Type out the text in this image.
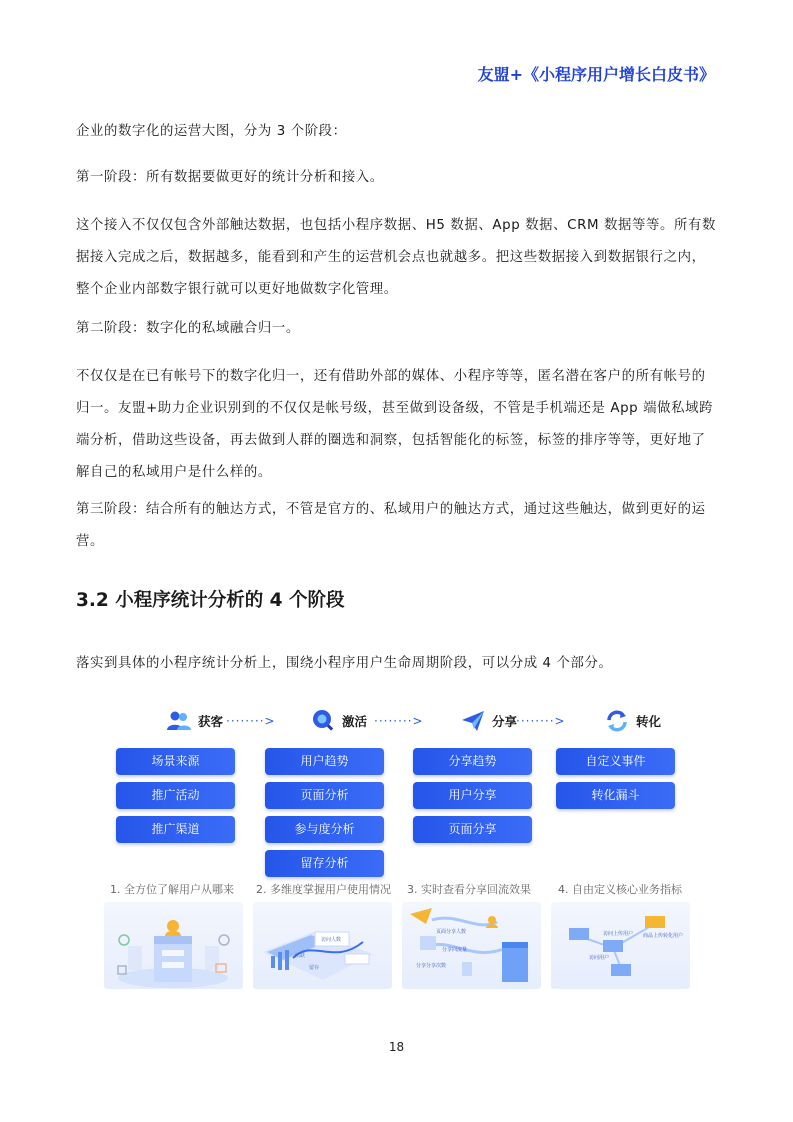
友盟+《小程序用户增长白皮书》

企业的数字化的运营大图，分为 3 个阶段：

第一阶段：所有数据要做更好的统计分析和接入。

这个接入不仅仅包含外部触达数据，也包括小程序数据、H5 数据、App 数据、CRM 数据等等。所有数据接入完成之后，数据越多，能看到和产生的运营机会点也就越多。把这些数据接入到数据银行之内，整个企业内部数字银行就可以更好地做数字化管理。

第二阶段：数字化的私域融合归一。

不仅仅是在已有帐号下的数字化归一，还有借助外部的媒体、小程序等等，匿名潜在客户的所有帐号的归一。友盟+助力企业识别到的不仅仅是帐号级，甚至做到设备级，不管是手机端还是 App 端做私域跨端分析，借助这些设备，再去做到人群的圈选和洞察，包括智能化的标签，标签的排序等等，更好地了解自己的私域用户是什么样的。

第三阶段：结合所有的触达方式，不管是官方的、私域用户的触达方式，通过这些触达，做到更好的运营。

3.2 小程序统计分析的 4 个阶段

落实到具体的小程序统计分析上，围绕小程序用户生命周期阶段，可以分成 4 个部分。

获客 ········>	激活 ········>	分享
········>	转化
场景来源
推广活动
推广渠道
用户趋势
页面分析
参与度分析
留存分析
分享趋势
用户分享
页面分享
自定义事件
转化漏斗
1. 全方位了解用户从哪来 2. 多维度掌握用户使用情况 3. 实时查看分享回流效果 4. 自由定义核心业务指标
活跃
访问人数
留存
页面分享人数
分享回流量
分享分享次数
访问上传用户 商品上传转化用户
访问用户
18
